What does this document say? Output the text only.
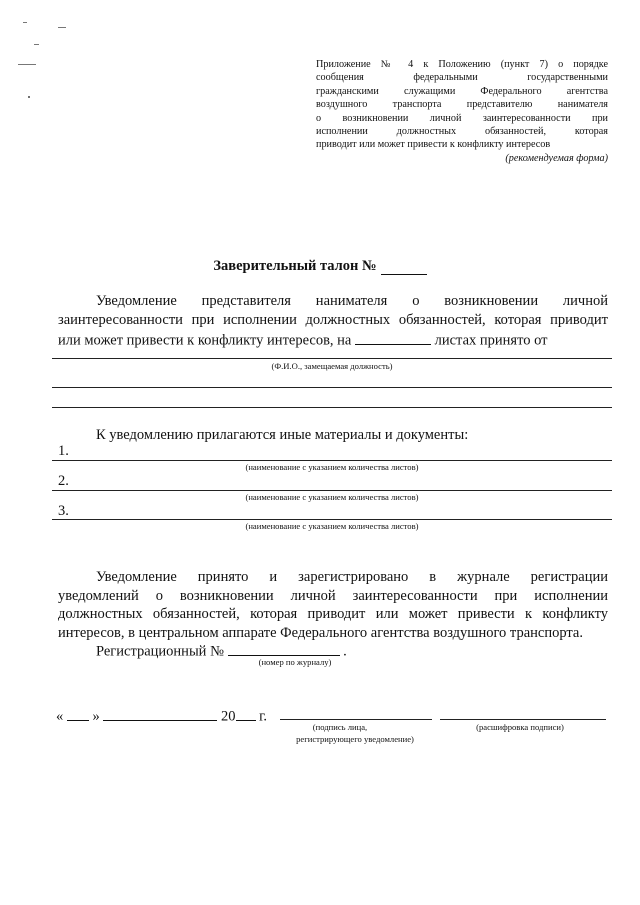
Приложение № 4 к Положению (пункт 7) о порядке
сообщения федеральными государственными
гражданскими служащими Федерального агентства
воздушного транспорта представителю нанимателя
о возникновении личной заинтересованности при
исполнении должностных обязанностей, которая
приводит или может привести к конфликту интересов
(рекомендуемая форма)
Заверительный талон №
Уведомление представителя нанимателя о возникновении личной
заинтересованности при исполнении должностных обязанностей, которая приводит
или может привести к конфликту интересов, на	листах принято от
(Ф.И.О., замещаемая должность)
К уведомлению прилагаются иные материалы и документы:
1.
(наименование с указанием количества листов)
2.
(наименование с указанием количества листов)
3.
(наименование с указанием количества листов)
Уведомление принято и зарегистрировано в журнале регистрации
уведомлений о возникновении личной заинтересованности при исполнении
должностных обязанностей, которая приводит или может привести к конфликту
интересов, в центральном аппарате Федерального агентства воздушного транспорта.
Регистрационный №	.
(номер по журналу)
« »	20 г.
(подпись лица,
регистрирующего уведомление)
(расшифровка подписи)
